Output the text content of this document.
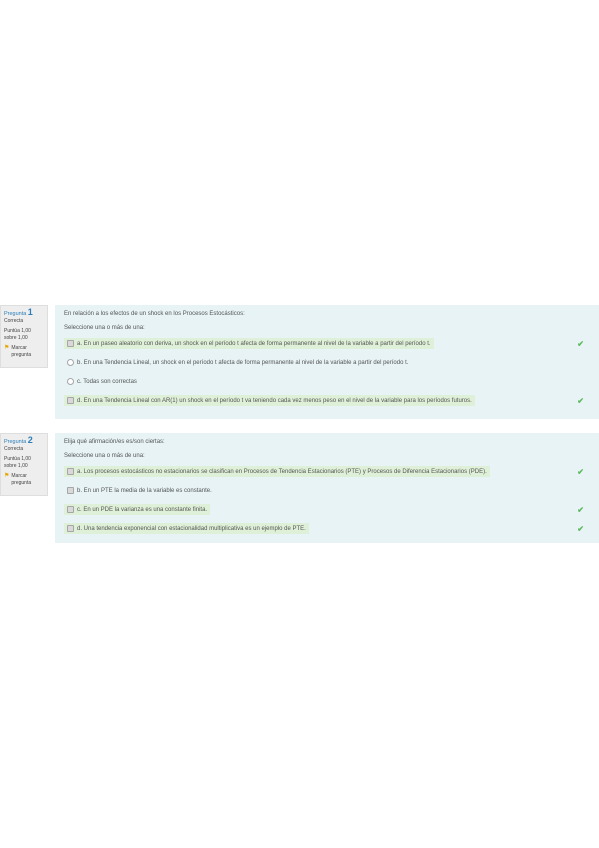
Pregunta 1
Correcta
Puntúa 1,00 sobre 1,00
⚑ Marcar pregunta
En relación a los efectos de un shock en los Procesos Estocásticos:
Seleccione una o más de una:
a. En un paseo aleatorio con deriva, un shock en el período t afecta de forma permanente al nivel de la variable a partir del período t.	✔
b. En una Tendencia Lineal, un shock en el período t afecta de forma permanente al nivel de la variable a partir del período t.
c. Todas son correctas
d. En una Tendencia Lineal con AR(1) un shock en el período t va teniendo cada vez menos peso en el nivel de la variable para los períodos futuros.	✔
Pregunta 2
Correcta
Puntúa 1,00 sobre 1,00
⚑ Marcar pregunta
Elija qué afirmación/es es/son ciertas:
Seleccione una o más de una:
a. Los procesos estocásticos no estacionarios se clasifican en Procesos de Tendencia Estacionarios (PTE) y Procesos de Diferencia Estacionarios (PDE).	✔
b. En un PTE la media de la variable es constante.
c. En un PDE la varianza es una constante finita.	✔
d. Una tendencia exponencial con estacionalidad multiplicativa es un ejemplo de PTE.	✔
